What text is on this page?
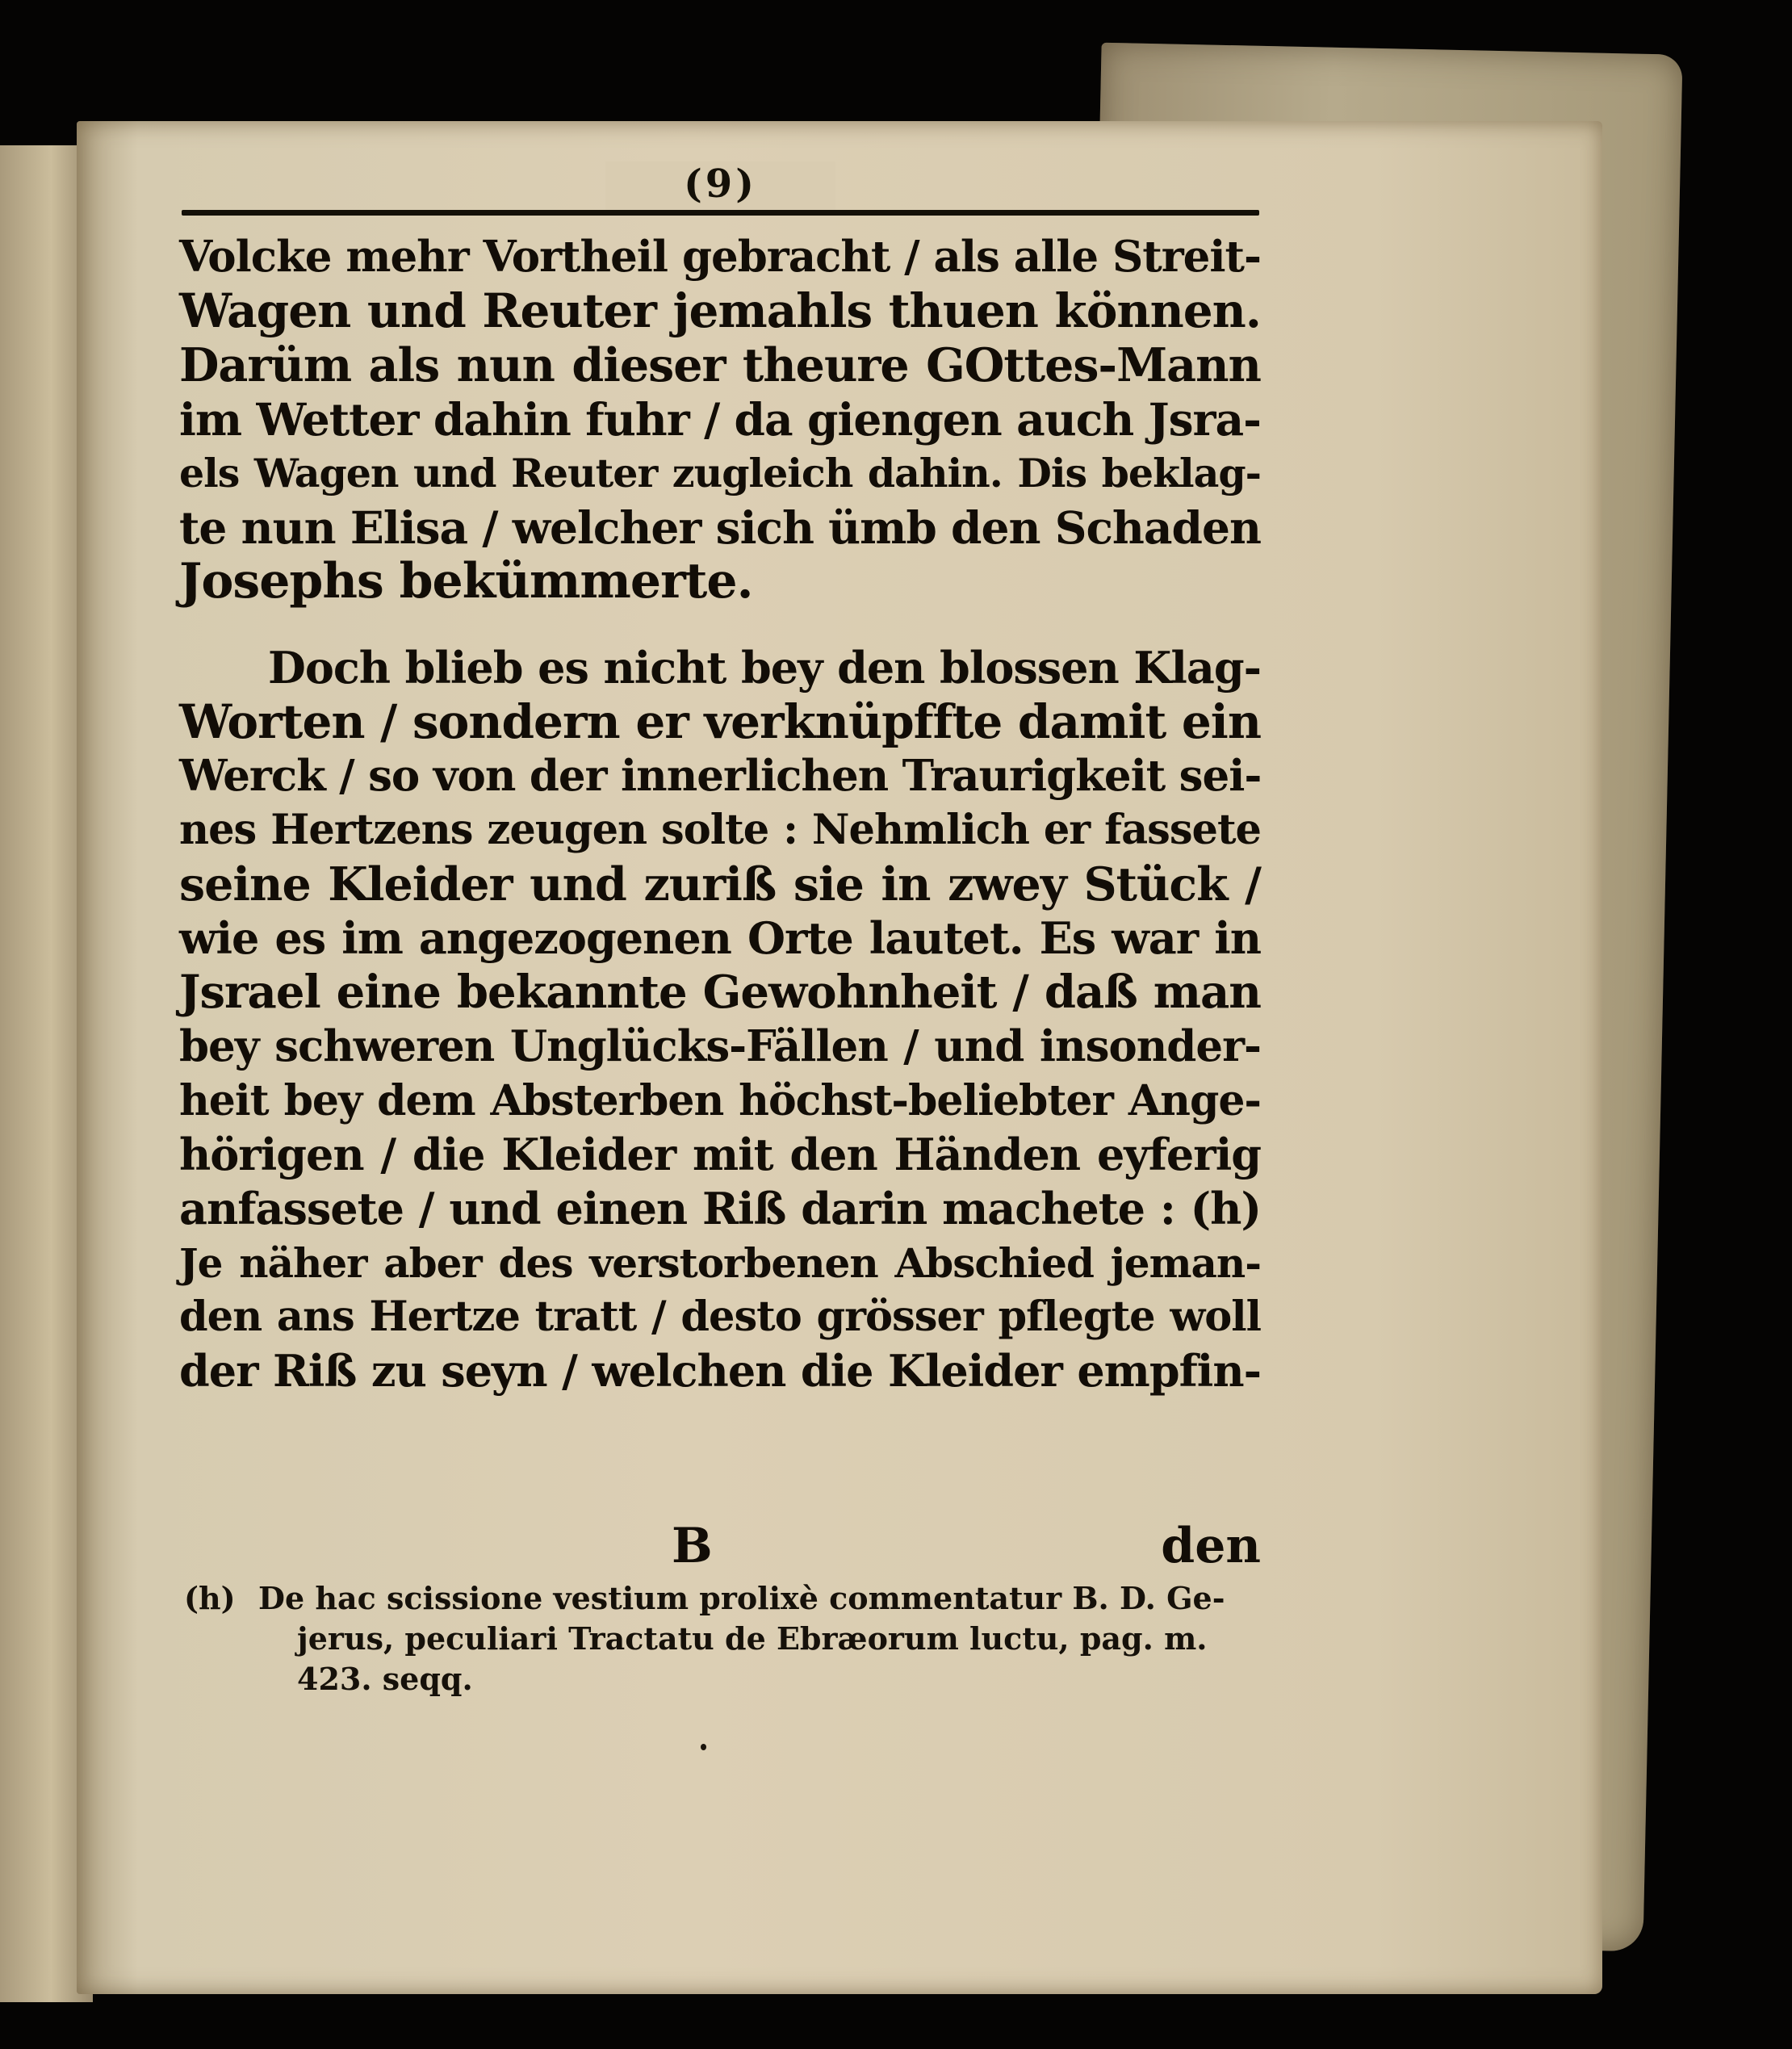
(9)
Volcke mehr Vortheil gebracht / als alle Streit-
Wagen und Reuter jemahls thuen können.
Darüm als nun dieser theure GOttes-Mann
im Wetter dahin fuhr / da giengen auch Jsra-
els Wagen und Reuter zugleich dahin. Dis beklag-
te nun Elisa / welcher sich ümb den Schaden
Josephs bekümmerte.
Doch blieb es nicht bey den blossen Klag-
Worten / sondern er verknüpffte damit ein
Werck / so von der innerlichen Traurigkeit sei-
nes Hertzens zeugen solte : Nehmlich er fassete
seine Kleider und zuriß sie in zwey Stück /
wie es im angezogenen Orte lautet. Es war in
Jsrael eine bekannte Gewohnheit / daß man
bey schweren Unglücks-Fällen / und insonder-
heit bey dem Absterben höchst-beliebter Ange-
hörigen / die Kleider mit den Händen eyferig
anfassete / und einen Riß darin machete : (h)
Je näher aber des verstorbenen Abschied jeman-
den ans Hertze tratt / desto grösser pflegte woll
der Riß zu seyn / welchen die Kleider empfin-
B	den
(h) De hac scissione vestium prolixè commentatur B. D. Ge-
jerus, peculiari Tractatu de Ebræorum luctu, pag. m.
423. seqq.
